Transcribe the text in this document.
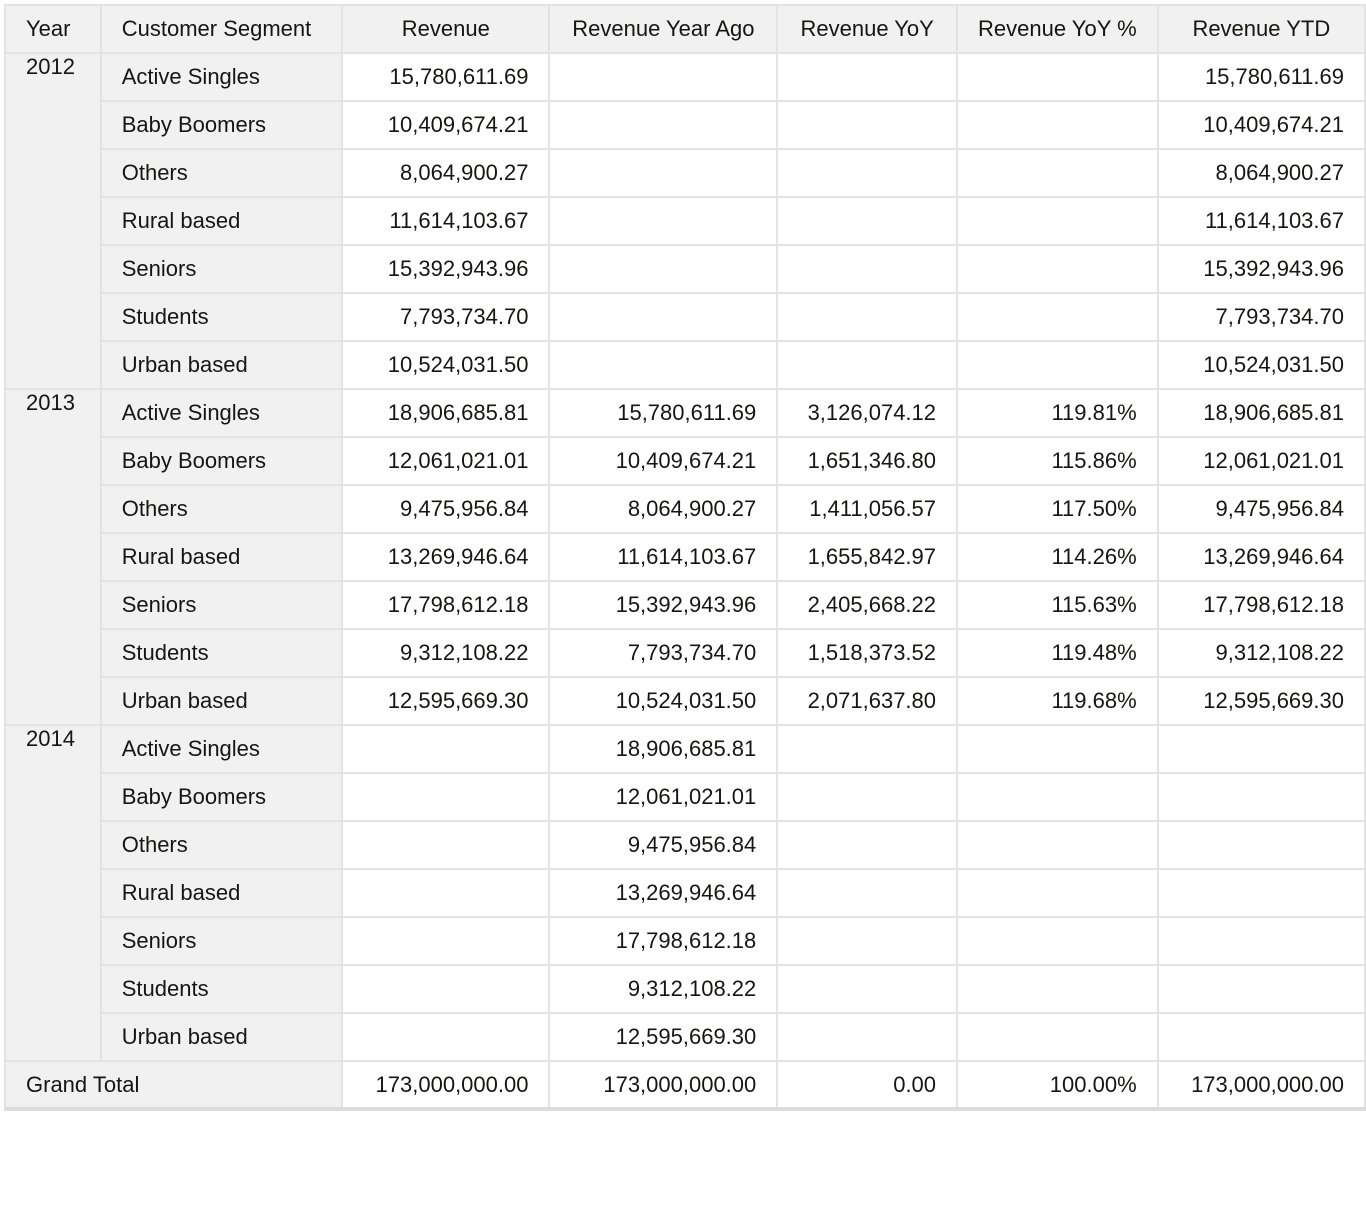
Year	Customer Segment	Revenue	Revenue Year Ago	Revenue YoY	Revenue YoY %	Revenue YTD
2012	Active Singles	15,780,611.69				15,780,611.69
	Baby Boomers	10,409,674.21				10,409,674.21
	Others	8,064,900.27				8,064,900.27
	Rural based	11,614,103.67				11,614,103.67
	Seniors	15,392,943.96				15,392,943.96
	Students	7,793,734.70				7,793,734.70
	Urban based	10,524,031.50				10,524,031.50
2013	Active Singles	18,906,685.81	15,780,611.69	3,126,074.12	119.81%	18,906,685.81
	Baby Boomers	12,061,021.01	10,409,674.21	1,651,346.80	115.86%	12,061,021.01
	Others	9,475,956.84	8,064,900.27	1,411,056.57	117.50%	9,475,956.84
	Rural based	13,269,946.64	11,614,103.67	1,655,842.97	114.26%	13,269,946.64
	Seniors	17,798,612.18	15,392,943.96	2,405,668.22	115.63%	17,798,612.18
	Students	9,312,108.22	7,793,734.70	1,518,373.52	119.48%	9,312,108.22
	Urban based	12,595,669.30	10,524,031.50	2,071,637.80	119.68%	12,595,669.30
2014	Active Singles		18,906,685.81			
	Baby Boomers		12,061,021.01			
	Others		9,475,956.84			
	Rural based		13,269,946.64			
	Seniors		17,798,612.18			
	Students		9,312,108.22			
	Urban based		12,595,669.30			
Grand Total		173,000,000.00	173,000,000.00	0.00	100.00%	173,000,000.00
